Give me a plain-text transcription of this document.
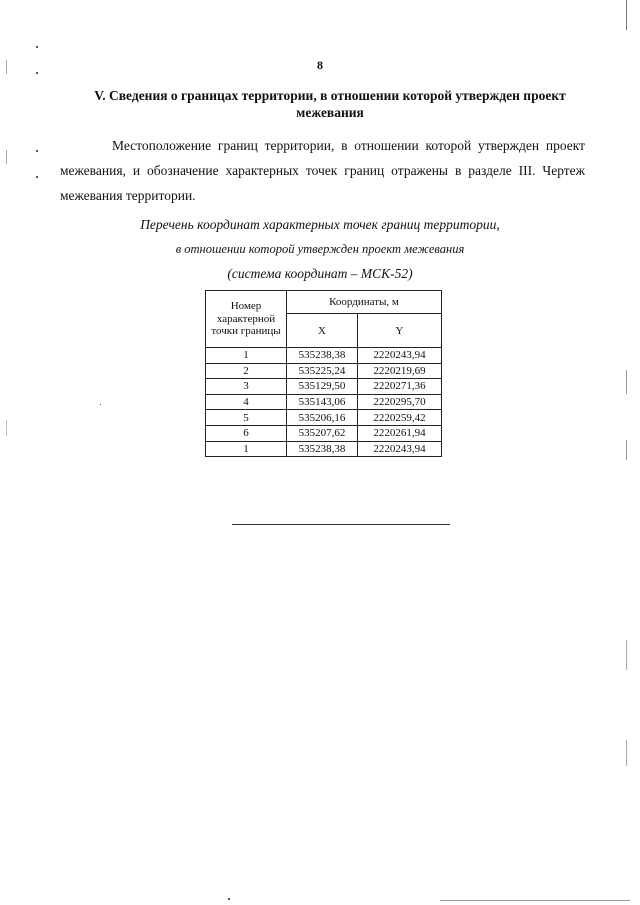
8
V. Сведения о границах территории, в отношении которой утвержден проект межевания
Местоположение границ территории, в отношении которой утвержден проект межевания, и обозначение характерных точек границ отражены в разделе III. Чертеж межевания территории.
Перечень координат характерных точек границ территории,
в отношении которой утвержден проект межевания
(система координат – МСК-52)
Номер характерной точки границы	Координаты, м	
	X	Y
1	535238,38	2220243,94
2	535225,24	2220219,69
3	535129,50	2220271,36
4	535143,06	2220295,70
5	535206,16	2220259,42
6	535207,62	2220261,94
1	535238,38	2220243,94
